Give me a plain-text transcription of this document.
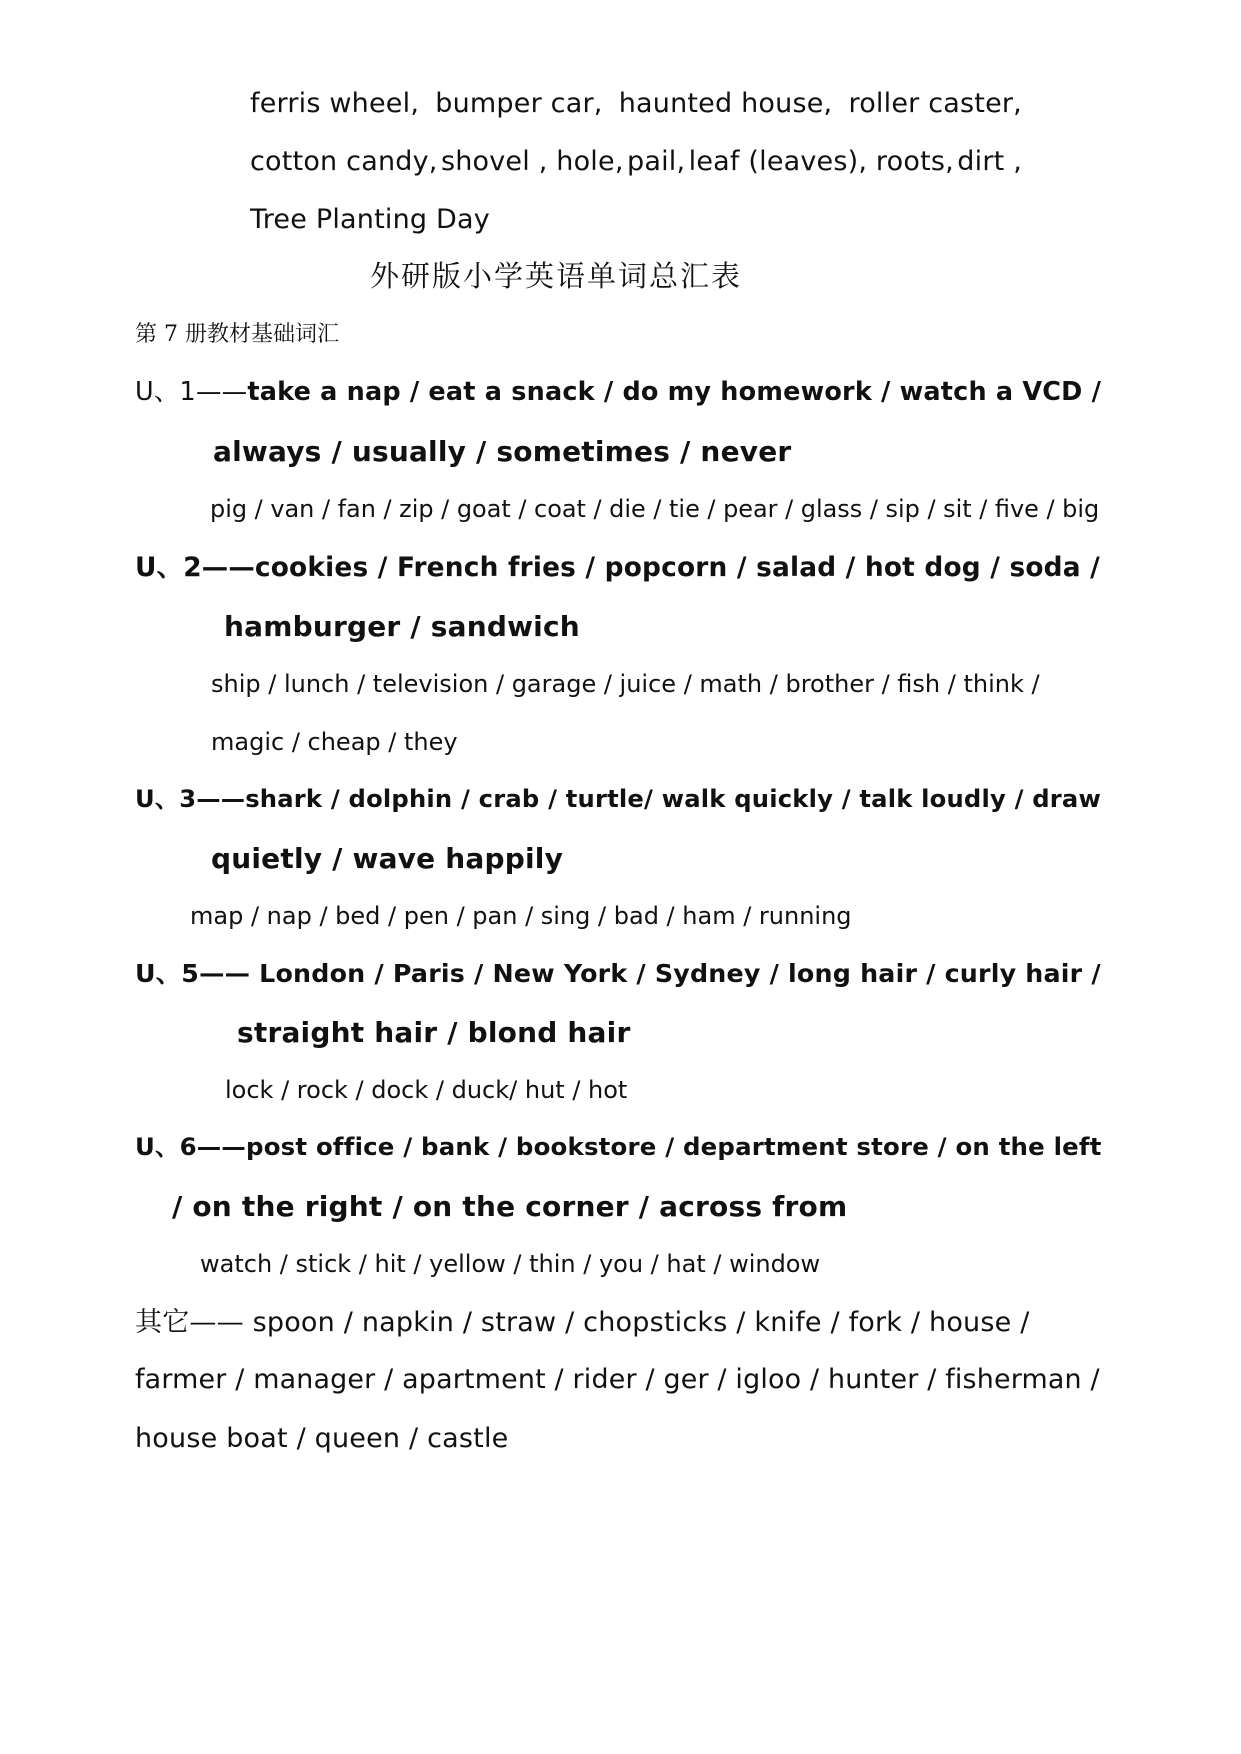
ferris wheel, bumper car, haunted house, roller caster,
cotton candy, shovel , hole, pail, leaf (leaves), roots, dirt ,
Tree Planting Day
外研版小学英语单词总汇表
第 7 册教材基础词汇
U、1——take a nap / eat a snack / do my homework / watch a VCD /
always / usually / sometimes / never
pig / van / fan / zip / goat / coat / die / tie / pear / glass / sip / sit / five / big
U、2——cookies / French fries / popcorn / salad / hot dog / soda /
hamburger / sandwich
ship / lunch / television / garage / juice / math / brother / fish / think /
magic / cheap / they
U、3——shark / dolphin / crab / turtle/ walk quickly / talk loudly / draw
quietly / wave happily
map / nap / bed / pen / pan / sing / bad / ham / running
U、5—— London / Paris / New York / Sydney / long hair / curly hair /
straight hair / blond hair
lock / rock / dock / duck/ hut / hot
U、6——post office / bank / bookstore / department store / on the left
/ on the right / on the corner / across from
watch / stick / hit / yellow / thin / you / hat / window
其它—— spoon / napkin / straw / chopsticks / knife / fork / house /
farmer / manager / apartment / rider / ger / igloo / hunter / fisherman /
house boat / queen / castle
